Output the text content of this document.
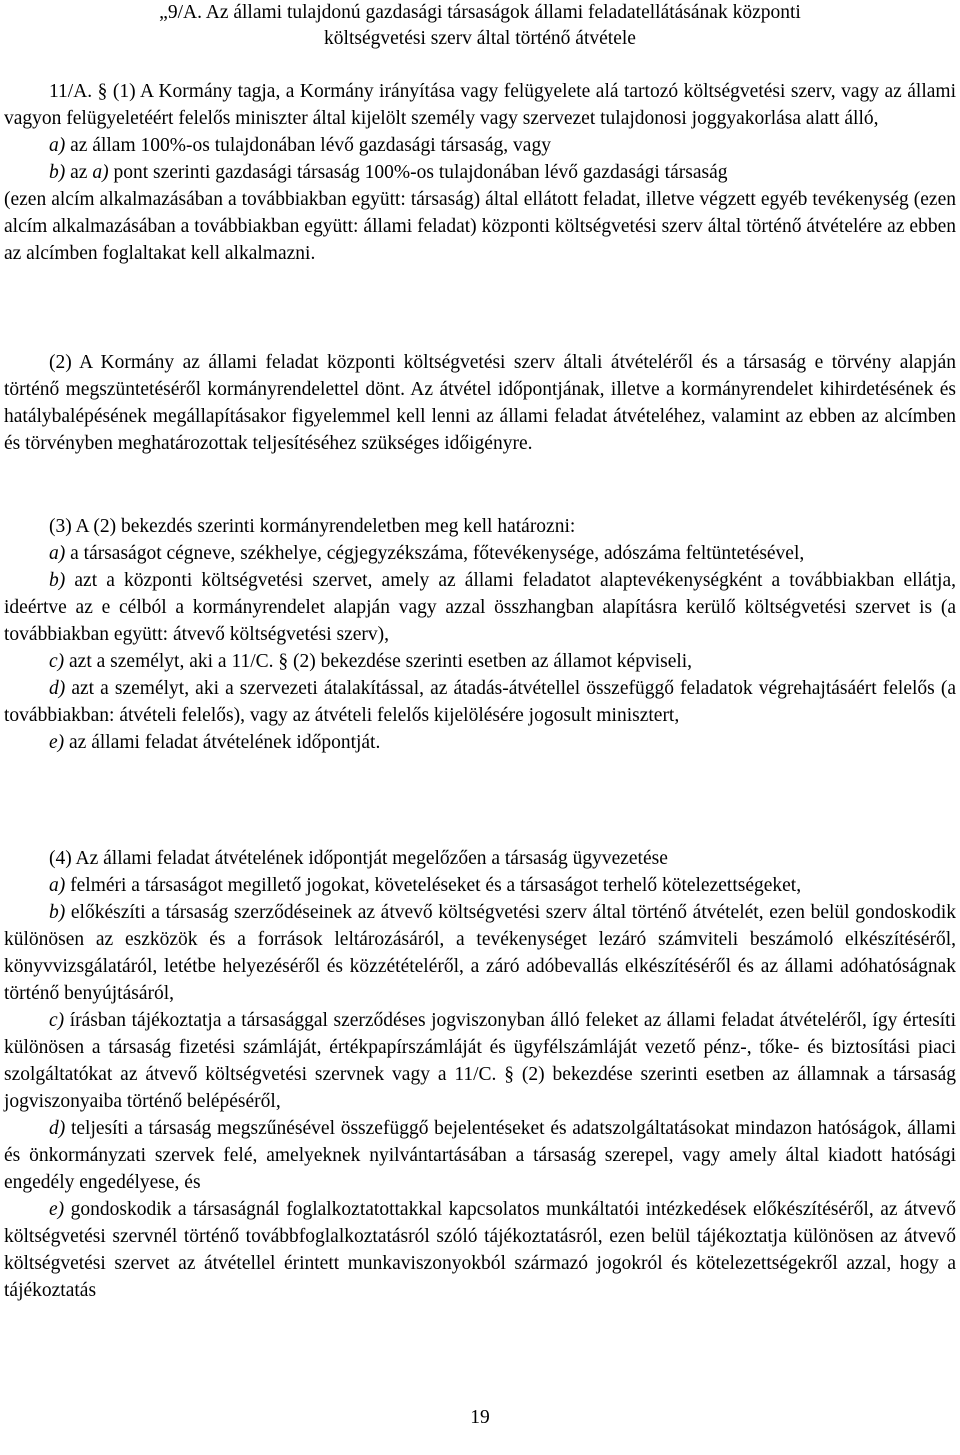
„9/A. Az állami tulajdonú gazdasági társaságok állami feladatellátásának központi
költségvetési szerv által történő átvétele

11/A. § (1) A Kormány tagja, a Kormány irányítása vagy felügyelete alá tartozó költségvetési szerv, vagy az állami vagyon felügyeletéért felelős miniszter által kijelölt személy vagy szervezet tulajdonosi joggyakorlása alatt álló,

a) az állam 100%-os tulajdonában lévő gazdasági társaság, vagy

b) az a) pont szerinti gazdasági társaság 100%-os tulajdonában lévő gazdasági társaság

(ezen alcím alkalmazásában a továbbiakban együtt: társaság) által ellátott feladat, illetve végzett egyéb tevékenység (ezen alcím alkalmazásában a továbbiakban együtt: állami feladat) központi költségvetési szerv által történő átvételére az ebben az alcímben foglaltakat kell alkalmazni.

(2) A Kormány az állami feladat központi költségvetési szerv általi átvételéről és a társaság e törvény alapján történő megszüntetéséről kormányrendelettel dönt. Az átvétel időpontjának, illetve a kormányrendelet kihirdetésének és hatálybalépésének megállapításakor figyelemmel kell lenni az állami feladat átvételéhez, valamint az ebben az alcímben és törvényben meghatározottak teljesítéséhez szükséges időigényre.

(3) A (2) bekezdés szerinti kormányrendeletben meg kell határozni:

a) a társaságot cégneve, székhelye, cégjegyzékszáma, főtevékenysége, adószáma feltüntetésével,

b) azt a központi költségvetési szervet, amely az állami feladatot alaptevékenységként a továbbiakban ellátja, ideértve az e célból a kormányrendelet alapján vagy azzal összhangban alapításra kerülő költségvetési szervet is (a továbbiakban együtt: átvevő költségvetési szerv),

c) azt a személyt, aki a 11/C. § (2) bekezdése szerinti esetben az államot képviseli,

d) azt a személyt, aki a szervezeti átalakítással, az átadás-átvétellel összefüggő feladatok végrehajtásáért felelős (a továbbiakban: átvételi felelős), vagy az átvételi felelős kijelölésére jogosult minisztert,

e) az állami feladat átvételének időpontját.

(4) Az állami feladat átvételének időpontját megelőzően a társaság ügyvezetése

a) felméri a társaságot megillető jogokat, követeléseket és a társaságot terhelő kötelezettségeket,

b) előkészíti a társaság szerződéseinek az átvevő költségvetési szerv által történő átvételét, ezen belül gondoskodik különösen az eszközök és a források leltározásáról, a tevékenységet lezáró számviteli beszámoló elkészítéséről, könyvvizsgálatáról, letétbe helyezéséről és közzétételéről, a záró adóbevallás elkészítéséről és az állami adóhatóságnak történő benyújtásáról,

c) írásban tájékoztatja a társasággal szerződéses jogviszonyban álló feleket az állami feladat átvételéről, így értesíti különösen a társaság fizetési számláját, értékpapírszámláját és ügyfélszámláját vezető pénz-, tőke- és biztosítási piaci szolgáltatókat az átvevő költségvetési szervnek vagy a 11/C. § (2) bekezdése szerinti esetben az államnak a társaság jogviszonyaiba történő belépéséről,

d) teljesíti a társaság megszűnésével összefüggő bejelentéseket és adatszolgáltatásokat mindazon hatóságok, állami és önkormányzati szervek felé, amelyeknek nyilvántartásában a társaság szerepel, vagy amely által kiadott hatósági engedély engedélyese, és

e) gondoskodik a társaságnál foglalkoztatottakkal kapcsolatos munkáltatói intézkedések előkészítéséről, az átvevő költségvetési szervnél történő továbbfoglalkoztatásról szóló tájékoztatásról, ezen belül tájékoztatja különösen az átvevő költségvetési szervet az átvétellel érintett munkaviszonyokból származó jogokról és kötelezettségekről azzal, hogy a tájékoztatás

19
